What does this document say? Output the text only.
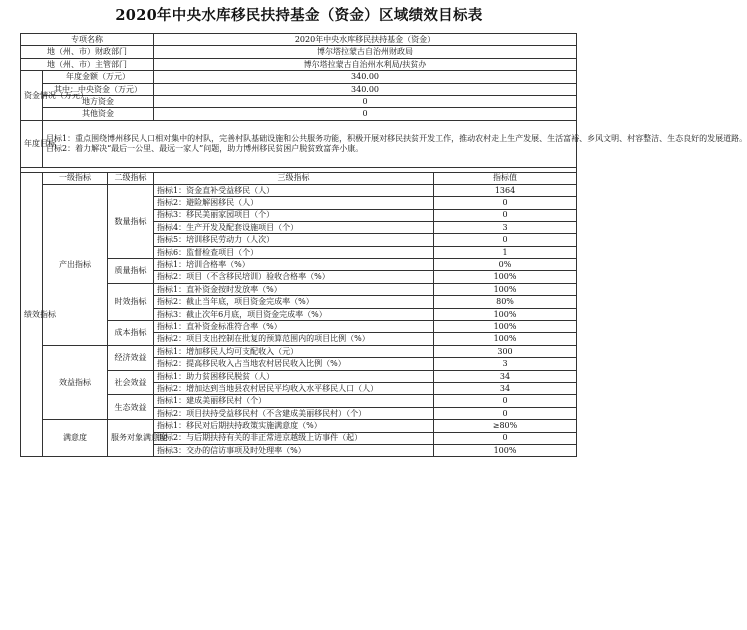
2020年中央水库移民扶持基金（资金）区域绩效目标表
专项名称			2020年中央水库移民扶持基金（资金）	
地（州、市）财政部门			博尔塔拉蒙古自治州财政局	
地（州、市）主管部门			博尔塔拉蒙古自治州水利局/扶贫办	
资金情况（万元）	年度金额（万元）		340.00	
	其中：中央资金（万元）		340.00	
	地方资金		0	
	其他资金		0	
年度目标	目标1：重点围绕博州移民人口相对集中的村队，完善村队基础设施和公共服务功能，积极开展对移民扶贫开发工作，推动农村走上生产发展、生活富裕、乡风文明、村容整洁、生态良好的发展道路。
目标2：着力解决“最后一公里、最远一家人”问题，助力博州移民贫困户脱贫致富奔小康。			

绩效指标	一级指标	二级指标	三级指标	指标值
	产出指标	数量指标	指标1：资金直补受益移民（人）	1364
			指标2：避险解困移民（人）	0
			指标3：移民美丽家园项目（个）	0
			指标4：生产开发及配套设施项目（个）	3
			指标5：培训移民劳动力（人次）	0
			指标6：监督检查项目（个）	1
		质量指标	指标1：培训合格率（%）	0%
			指标2：项目（不含移民培训）验收合格率（%）	100%
		时效指标	指标1：直补资金按时发放率（%）	100%
			指标2：截止当年底，项目资金完成率（%）	80%
			指标3：截止次年6月底，项目资金完成率（%）	100%
		成本指标	指标1：直补资金标准符合率（%）	100%
			指标2：项目支出控制在批复的预算范围内的项目比例（%）	100%
	效益指标	经济效益	指标1：增加移民人均可支配收入（元）	300
			指标2：提高移民收入占当地农村居民收入比例（%）	3
		社会效益	指标1：助力贫困移民脱贫（人）	34
			指标2：增加达到当地县农村居民平均收入水平移民人口（人）	34
		生态效益	指标1：建成美丽移民村（个）	0
			指标2：项目扶持受益移民村（不含建成美丽移民村）（个）	0
	满意度	服务对象满意度	指标1：移民对后期扶持政策实施满意度（%）	≥80%
			指标2：与后期扶持有关的非正常进京越级上访事件（起）	0
			指标3：交办的信访事项及时处理率（%）	100%
